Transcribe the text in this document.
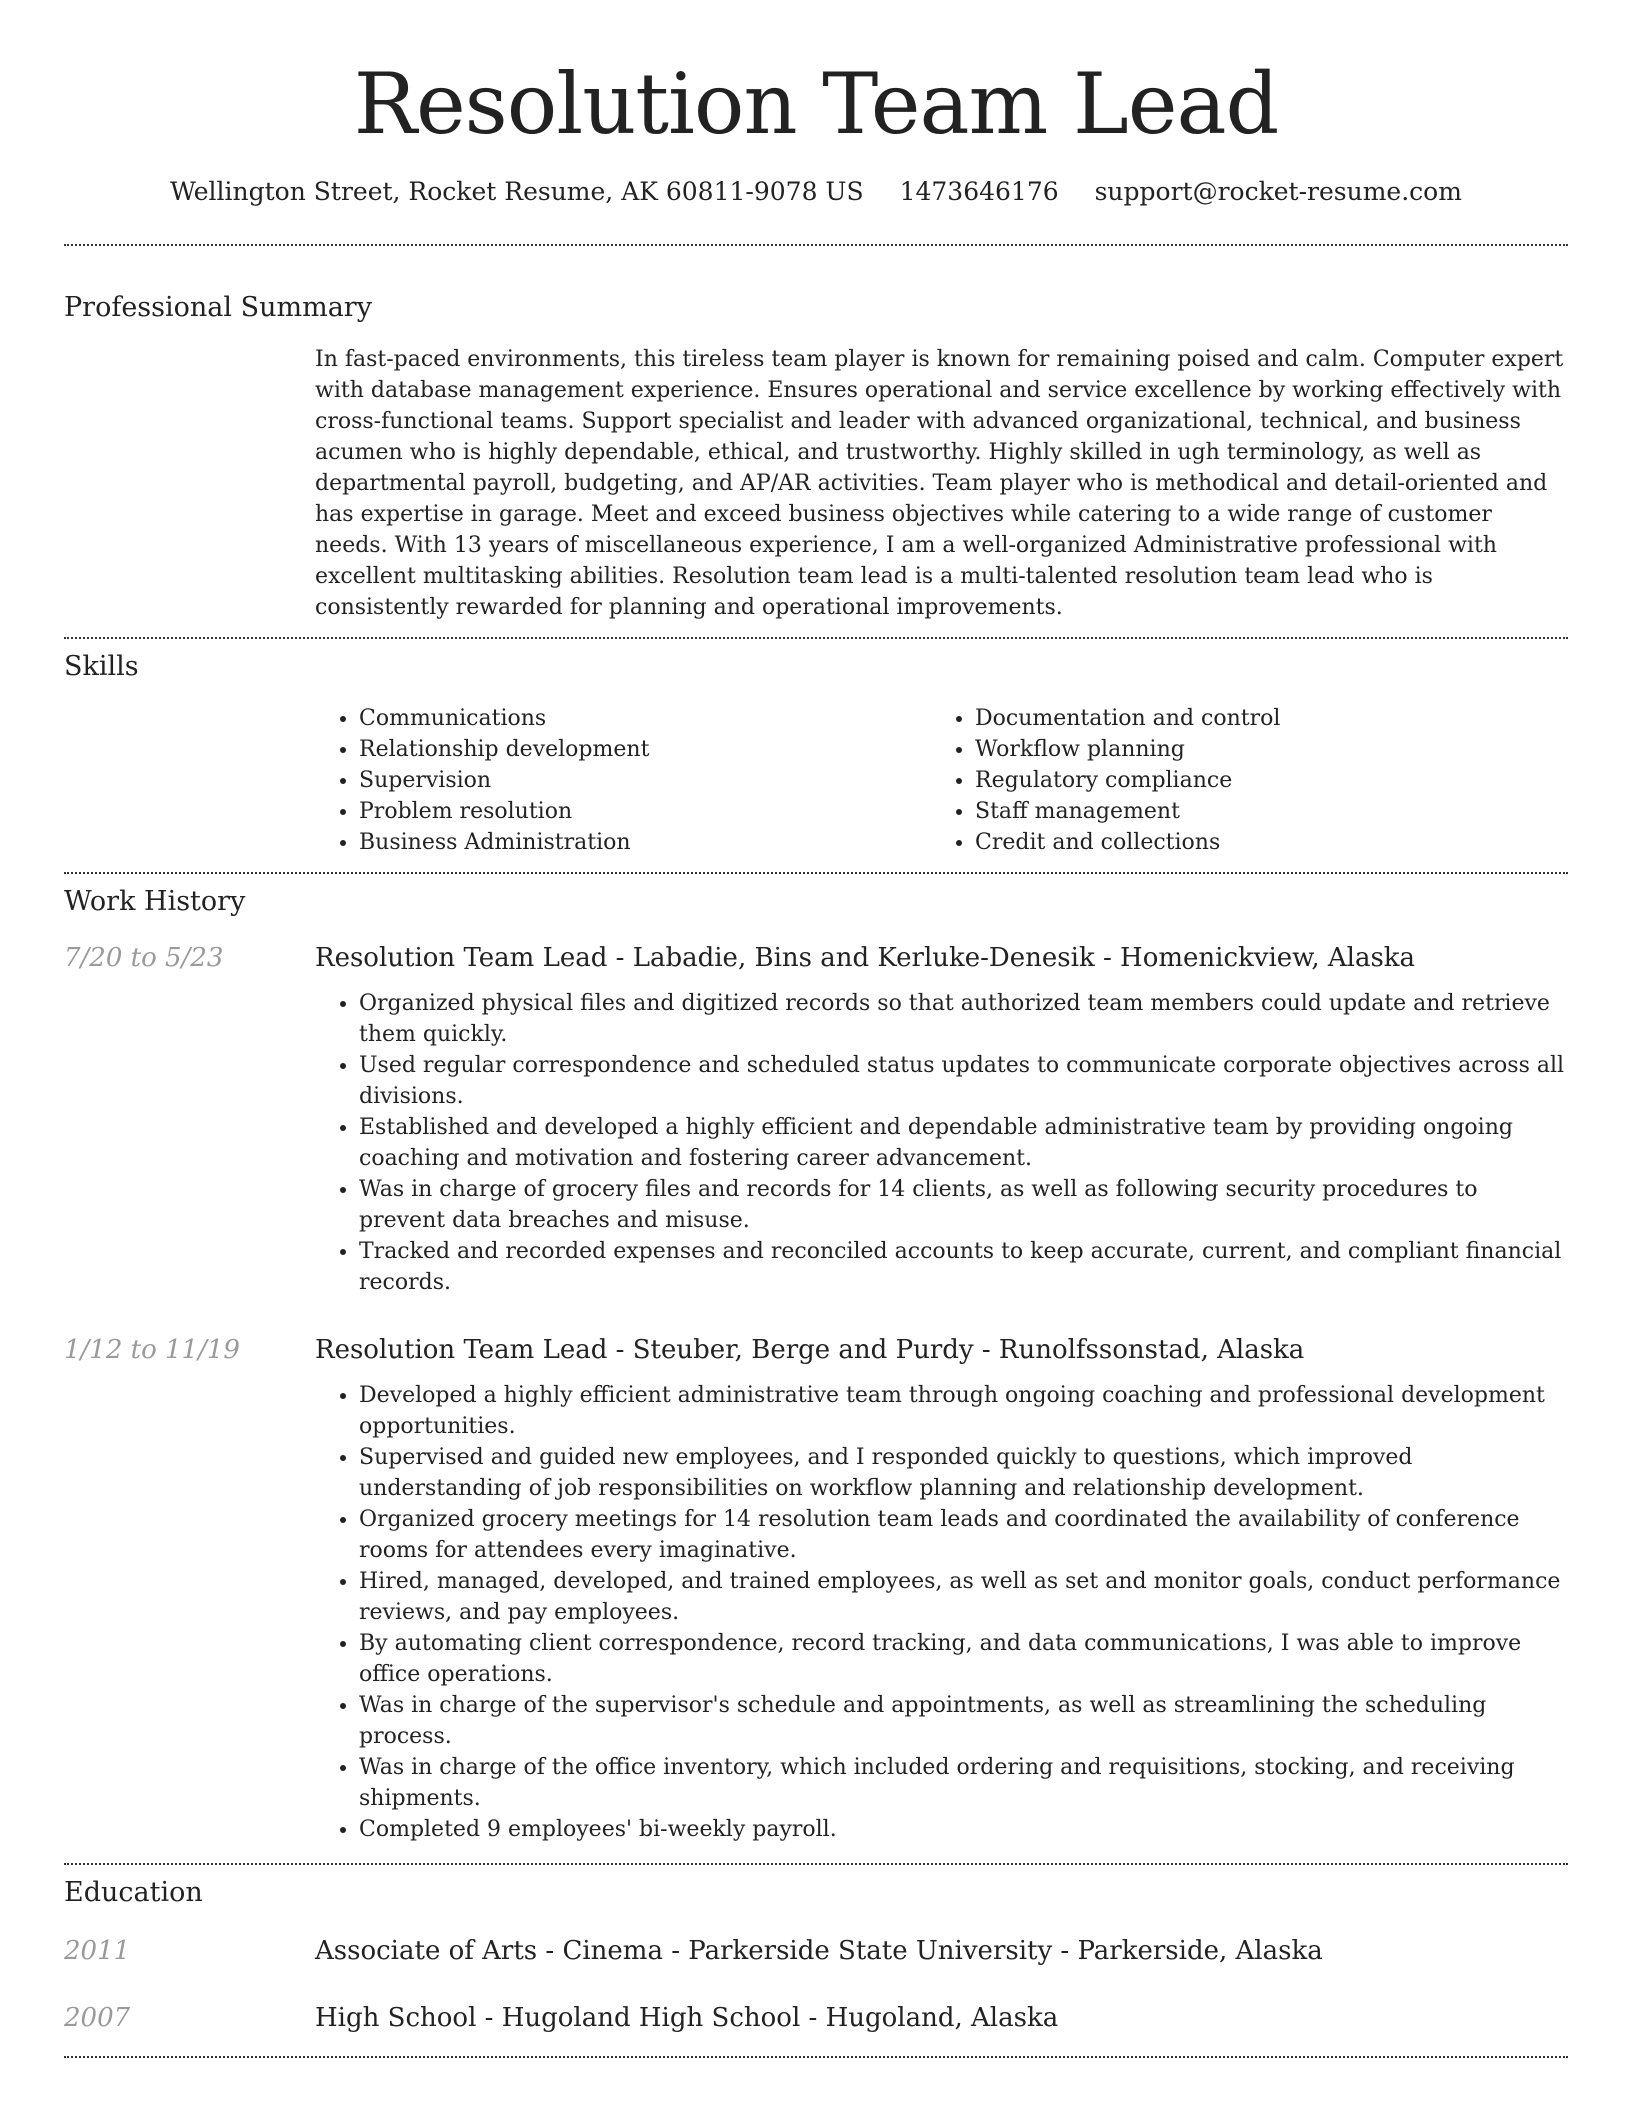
Resolution Team Lead
Wellington Street, Rocket Resume, AK 60811-9078 US 1473646176 support@rocket-resume.com
Professional Summary

In fast-paced environments, this tireless team player is known for remaining poised and calm. Computer expert with database management experience. Ensures operational and service excellence by working effectively with cross-functional teams. Support specialist and leader with advanced organizational, technical, and business acumen who is highly dependable, ethical, and trustworthy. Highly skilled in ugh terminology, as well as departmental payroll, budgeting, and AP/AR activities. Team player who is methodical and detail-oriented and has expertise in garage. Meet and exceed business objectives while catering to a wide range of customer needs. With 13 years of miscellaneous experience, I am a well-organized Administrative professional with excellent multitasking abilities. Resolution team lead is a multi-talented resolution team lead who is consistently rewarded for planning and operational improvements.

Skills
• Communications
• Relationship development
• Supervision
• Problem resolution
• Business Administration
• Documentation and control
• Workflow planning
• Regulatory compliance
• Staff management
• Credit and collections
Work History
7/20 to 5/23	Resolution Team Lead - Labadie, Bins and Kerluke-Denesik - Homenickview, Alaska
• Organized physical files and digitized records so that authorized team members could update and retrieve them quickly.
• Used regular correspondence and scheduled status updates to communicate corporate objectives across all divisions.
• Established and developed a highly efficient and dependable administrative team by providing ongoing coaching and motivation and fostering career advancement.
• Was in charge of grocery files and records for 14 clients, as well as following security procedures to prevent data breaches and misuse.
• Tracked and recorded expenses and reconciled accounts to keep accurate, current, and compliant financial records.
1/12 to 11/19	Resolution Team Lead - Steuber, Berge and Purdy - Runolfssonstad, Alaska
• Developed a highly efficient administrative team through ongoing coaching and professional development opportunities.
• Supervised and guided new employees, and I responded quickly to questions, which improved understanding of job responsibilities on workflow planning and relationship development.
• Organized grocery meetings for 14 resolution team leads and coordinated the availability of conference rooms for attendees every imaginative.
• Hired, managed, developed, and trained employees, as well as set and monitor goals, conduct performance reviews, and pay employees.
• By automating client correspondence, record tracking, and data communications, I was able to improve office operations.
• Was in charge of the supervisor's schedule and appointments, as well as streamlining the scheduling process.
• Was in charge of the office inventory, which included ordering and requisitions, stocking, and receiving shipments.
• Completed 9 employees' bi-weekly payroll.
Education
2011	Associate of Arts - Cinema - Parkerside State University - Parkerside, Alaska
2007	High School - Hugoland High School - Hugoland, Alaska
